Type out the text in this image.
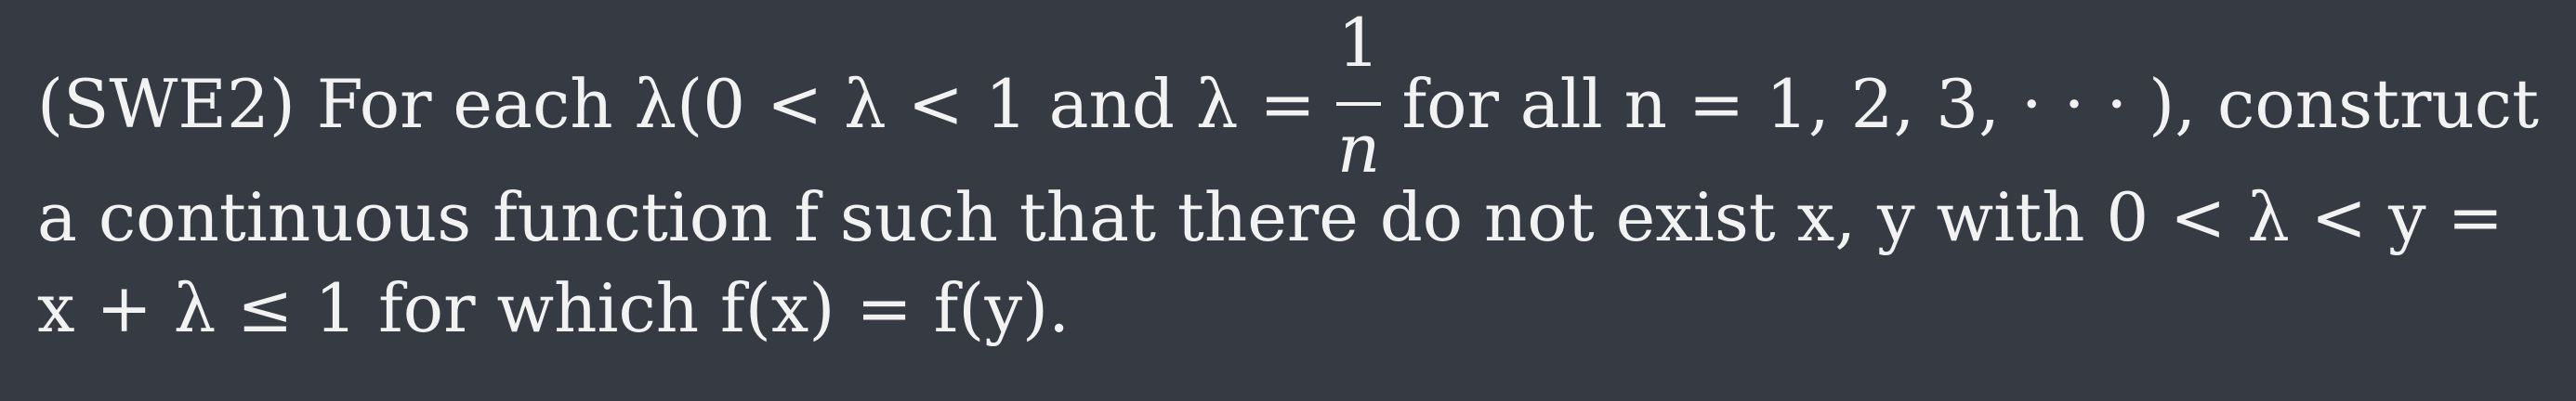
(SWE2) For each λ(0 < λ < 1 and $\lambda = \frac{1}{n}$ for all n = 1, 2, 3, · · · ), construct
a continuous function f such that there do not exist x, y with 0 < λ < y =
x + λ ≤ 1 for which f(x) = f(y).
